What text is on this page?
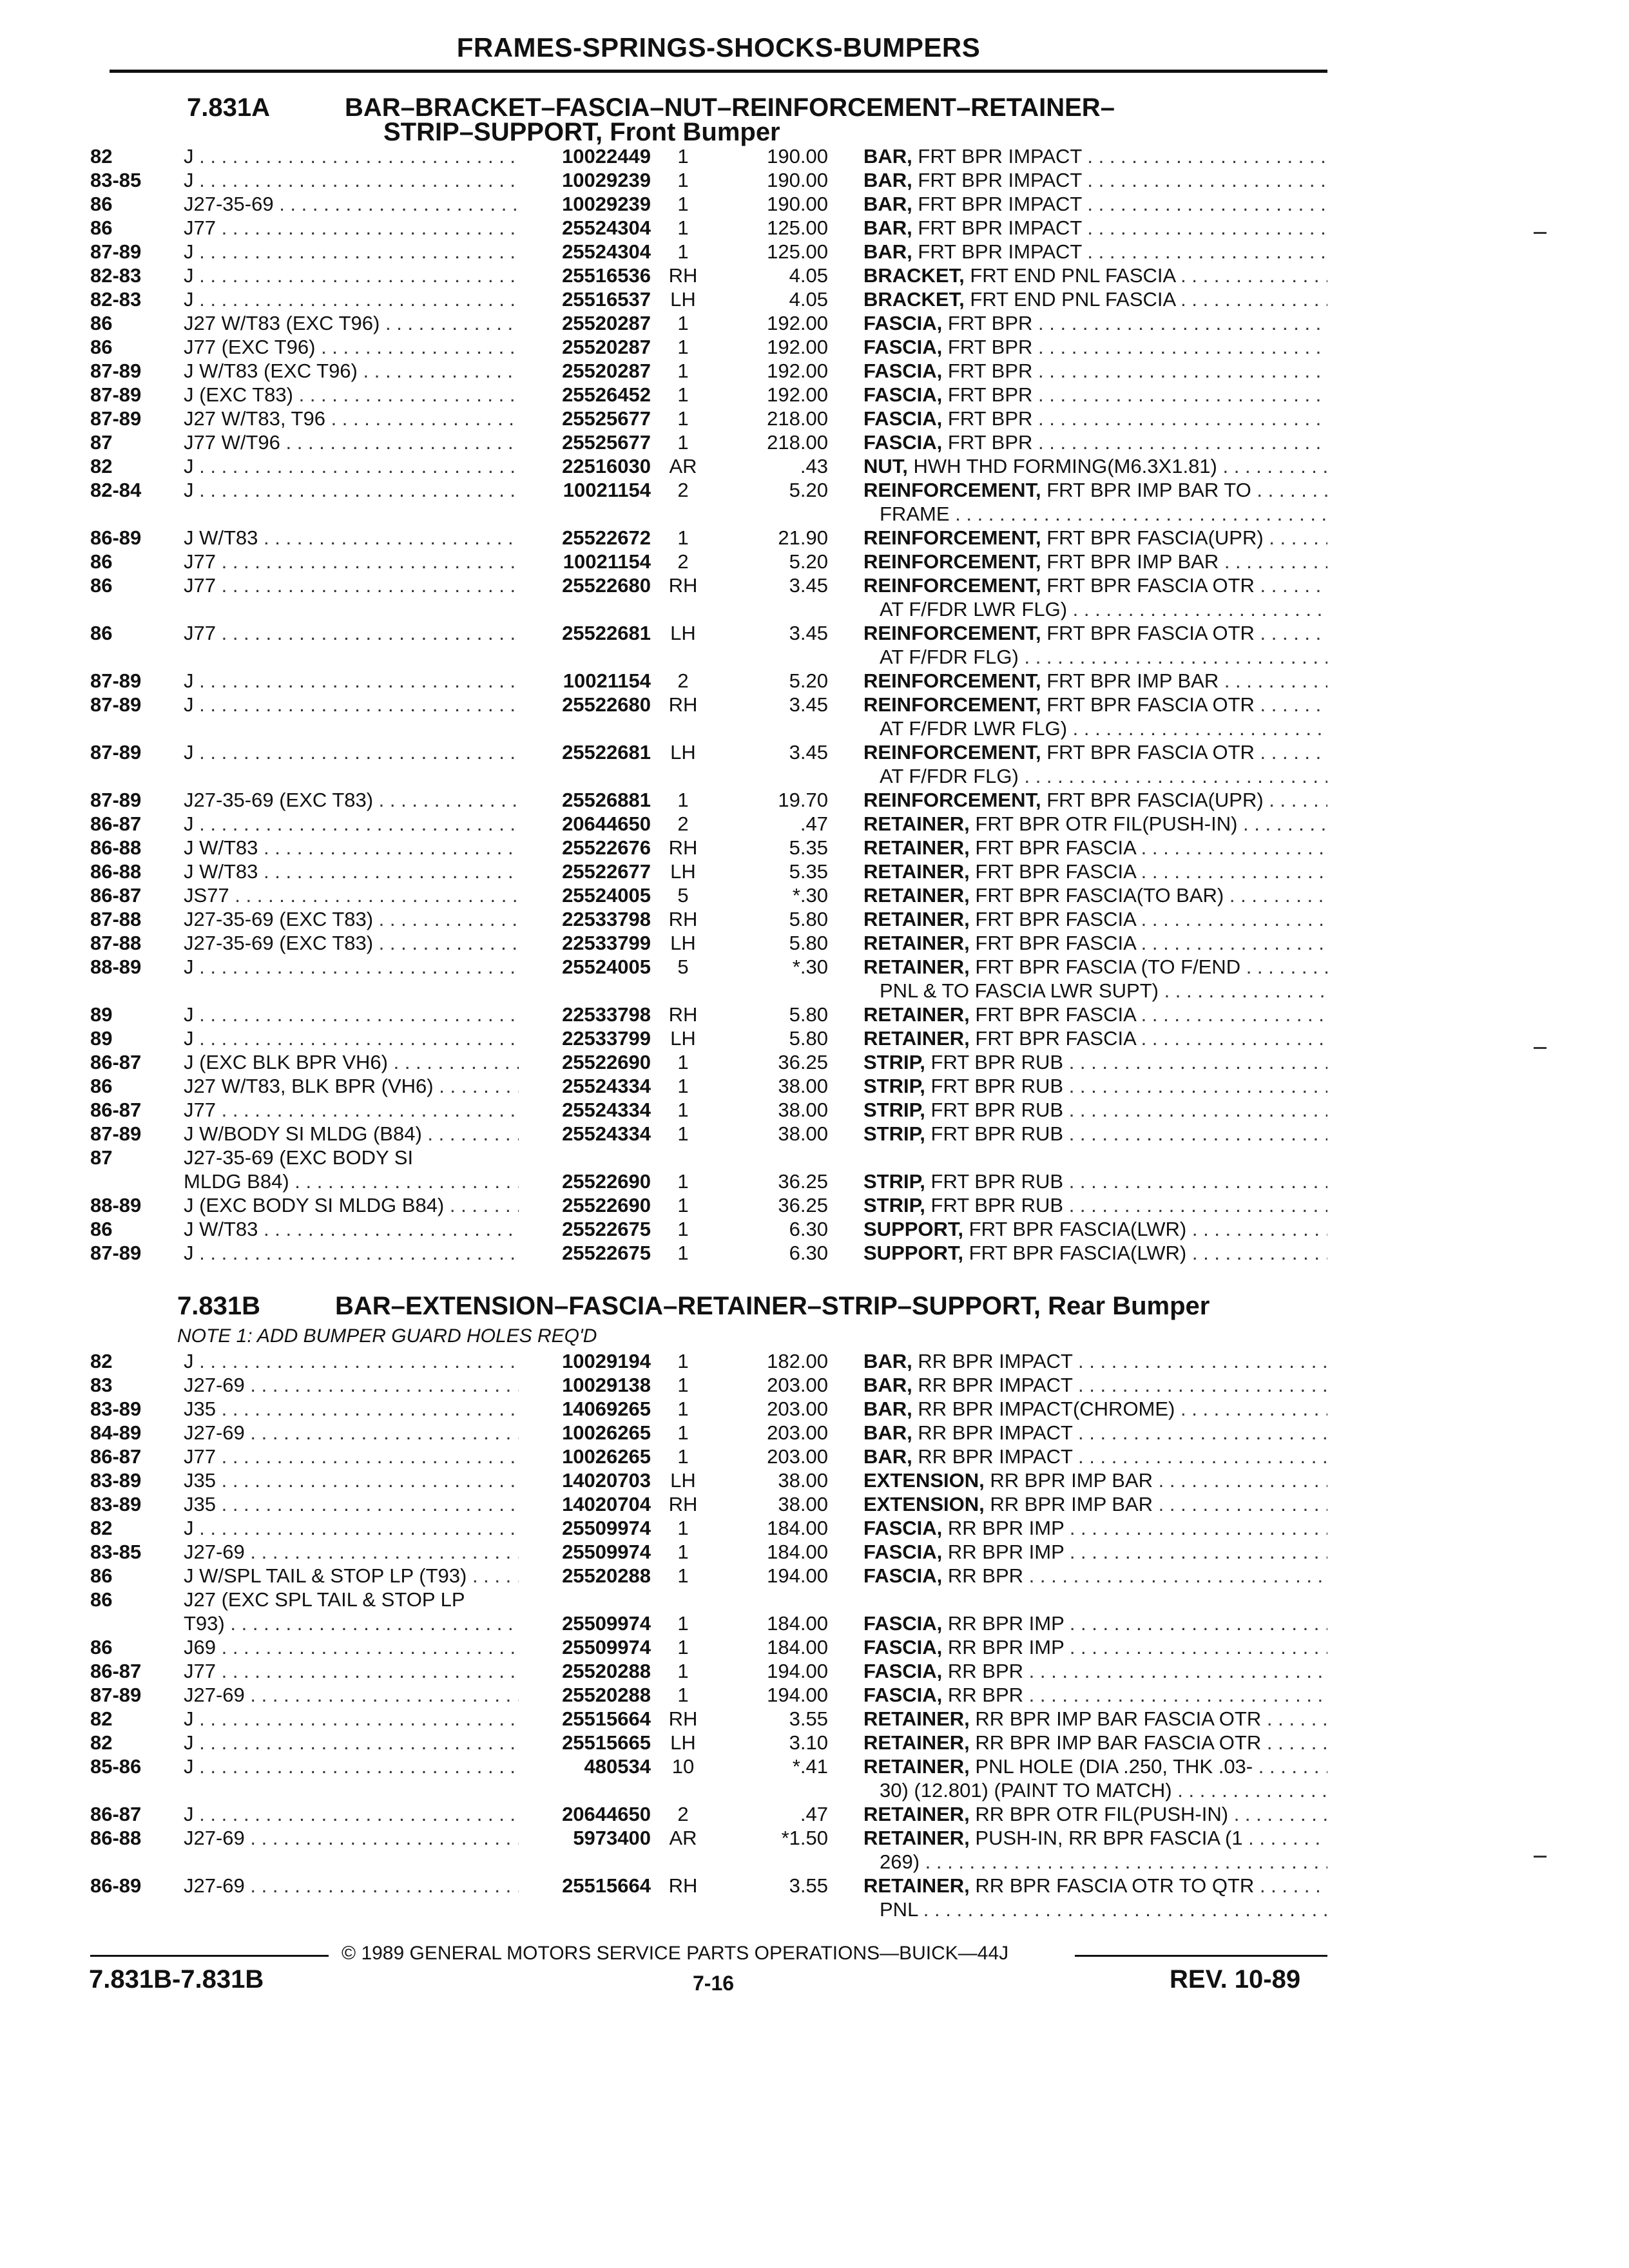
FRAMES-SPRINGS-SHOCKS-BUMPERS
7.831A	BAR–BRACKET–FASCIA–NUT–REINFORCEMENT–RETAINER–
STRIP–SUPPORT, Front Bumper
82	J . . .	10022449	1	190.00 BAR, FRT BPR IMPACT . . .
83-85 J . . .	10029239	1	190.00 BAR, FRT BPR IMPACT . . .
86	J27-35-69 . . .	10029239	1	190.00 BAR, FRT BPR IMPACT . . .
86	J77 . . .	25524304	1	125.00 BAR, FRT BPR IMPACT . . .
87-89 J . . .	25524304	1	125.00 BAR, FRT BPR IMPACT . . .
82-83 J . . .	25516536 RH	4.05 BRACKET, FRT END PNL FASCIA . . .
82-83 J . . .	25516537 LH	4.05 BRACKET, FRT END PNL FASCIA . . .
86	J27 W/T83 (EXC T96) . . .	25520287	1	192.00 FASCIA, FRT BPR . . .
86	J77 (EXC T96) . . .	25520287	1	192.00 FASCIA, FRT BPR . . .
87-89 J W/T83 (EXC T96) . . .	25520287	1	192.00 FASCIA, FRT BPR . . .
87-89 J (EXC T83) . . .	25526452	1	192.00 FASCIA, FRT BPR . . .
87-89 J27 W/T83, T96 . . .	25525677	1	218.00 FASCIA, FRT BPR . . .
87	J77 W/T96 . . .	25525677	1	218.00 FASCIA, FRT BPR . . .
82	J . . .	22516030 AR	.43 NUT, HWH THD FORMING(M6.3X1.81) . . .
82-84 J . . .	10021154	2	5.20 REINFORCEMENT, FRT BPR IMP BAR TO . . .
FRAME . . .
86-89 J W/T83 . . .	25522672	1	21.90 REINFORCEMENT, FRT BPR FASCIA(UPR) . . .
86	J77 . . .	10021154	2	5.20 REINFORCEMENT, FRT BPR IMP BAR . . .
86	J77 . . .	25522680 RH	3.45 REINFORCEMENT, FRT BPR FASCIA OTR . . .
AT F/FDR LWR FLG) . . .
86	J77 . . .	25522681 LH	3.45 REINFORCEMENT, FRT BPR FASCIA OTR . . .
AT F/FDR FLG) . . .
87-89 J . . .	10021154	2	5.20 REINFORCEMENT, FRT BPR IMP BAR . . .
87-89 J . . .	25522680 RH	3.45 REINFORCEMENT, FRT BPR FASCIA OTR . . .
AT F/FDR LWR FLG) . . .
87-89 J . . .	25522681 LH	3.45 REINFORCEMENT, FRT BPR FASCIA OTR . . .
AT F/FDR FLG) . . .
87-89 J27-35-69 (EXC T83) . . .	25526881	1	19.70 REINFORCEMENT, FRT BPR FASCIA(UPR) . . .
86-87 J . . .	20644650	2	.47 RETAINER, FRT BPR OTR FIL(PUSH-IN) . . .
86-88 J W/T83 . . .	25522676 RH	5.35 RETAINER, FRT BPR FASCIA . . .
86-88 J W/T83 . . .	25522677 LH	5.35 RETAINER, FRT BPR FASCIA . . .
86-87 JS77 . . .	25524005	5	*.30 RETAINER, FRT BPR FASCIA(TO BAR) . . .
87-88 J27-35-69 (EXC T83) . . .	22533798 RH	5.80 RETAINER, FRT BPR FASCIA . . .
87-88 J27-35-69 (EXC T83) . . .	22533799 LH	5.80 RETAINER, FRT BPR FASCIA . . .
88-89 J . . .	25524005	5	*.30 RETAINER, FRT BPR FASCIA (TO F/END . . .
PNL & TO FASCIA LWR SUPT) . . .
89	J . . .	22533798 RH	5.80 RETAINER, FRT BPR FASCIA . . .
89	J . . .	22533799 LH	5.80 RETAINER, FRT BPR FASCIA . . .
86-87 J (EXC BLK BPR VH6) . . .	25522690	1	36.25 STRIP, FRT BPR RUB . . .
86	J27 W/T83, BLK BPR (VH6) . . .	25524334	1	38.00 STRIP, FRT BPR RUB . . .
86-87 J77 . . .	25524334	1	38.00 STRIP, FRT BPR RUB . . .
87-89 J W/BODY SI MLDG (B84) . . .	25524334	1	38.00 STRIP, FRT BPR RUB . . .
87	J27-35-69 (EXC BODY SI
MLDG B84) . . .	25522690	1	36.25 STRIP, FRT BPR RUB . . .
88-89 J (EXC BODY SI MLDG B84) . . .	25522690	1	36.25 STRIP, FRT BPR RUB . . .
86	J W/T83 . . .	25522675	1	6.30 SUPPORT, FRT BPR FASCIA(LWR) . . .
87-89 J . . .	25522675	1	6.30 SUPPORT, FRT BPR FASCIA(LWR) . . .
7.831B	BAR–EXTENSION–FASCIA–RETAINER–STRIP–SUPPORT, Rear Bumper
NOTE 1: ADD BUMPER GUARD HOLES REQ'D
82	J . . .	10029194	1	182.00 BAR, RR BPR IMPACT . . .
83	J27-69 . . .	10029138	1	203.00 BAR, RR BPR IMPACT . . .
83-89 J35 . . .	14069265	1	203.00 BAR, RR BPR IMPACT(CHROME) . . .
84-89 J27-69 . . .	10026265	1	203.00 BAR, RR BPR IMPACT . . .
86-87 J77 . . .	10026265	1	203.00 BAR, RR BPR IMPACT . . .
83-89 J35 . . .	14020703 LH	38.00 EXTENSION, RR BPR IMP BAR . . .
83-89 J35 . . .	14020704 RH	38.00 EXTENSION, RR BPR IMP BAR . . .
82	J . . .	25509974	1	184.00 FASCIA, RR BPR IMP . . .
83-85 J27-69 . . .	25509974	1	184.00 FASCIA, RR BPR IMP . . .
86	J W/SPL TAIL & STOP LP (T93) . . .	25520288	1	194.00 FASCIA, RR BPR . . .
86	J27 (EXC SPL TAIL & STOP LP
T93) . . .	25509974	1	184.00 FASCIA, RR BPR IMP . . .
86	J69 . . .	25509974	1	184.00 FASCIA, RR BPR IMP . . .
86-87 J77 . . .	25520288	1	194.00 FASCIA, RR BPR . . .
87-89 J27-69 . . .	25520288	1	194.00 FASCIA, RR BPR . . .
82	J . . .	25515664 RH	3.55 RETAINER, RR BPR IMP BAR FASCIA OTR . . .
82	J . . .	25515665 LH	3.10 RETAINER, RR BPR IMP BAR FASCIA OTR . . .
85-86 J . . .	480534 10	*.41 RETAINER, PNL HOLE (DIA .250, THK .03- . . .
30) (12.801) (PAINT TO MATCH) . . .
86-87 J . . .	20644650	2	.47 RETAINER, RR BPR OTR FIL(PUSH-IN) . . .
86-88 J27-69 . . .	5973400 AR	*1.50 RETAINER, PUSH-IN, RR BPR FASCIA (1 . . .
269) . . .
86-89 J27-69 . . .	25515664 RH	3.55 RETAINER, RR BPR FASCIA OTR TO QTR . . .
PNL . . .
© 1989 GENERAL MOTORS SERVICE PARTS OPERATIONS—BUICK—44J
7.831B-7.831B	7-16	REV. 10-89
